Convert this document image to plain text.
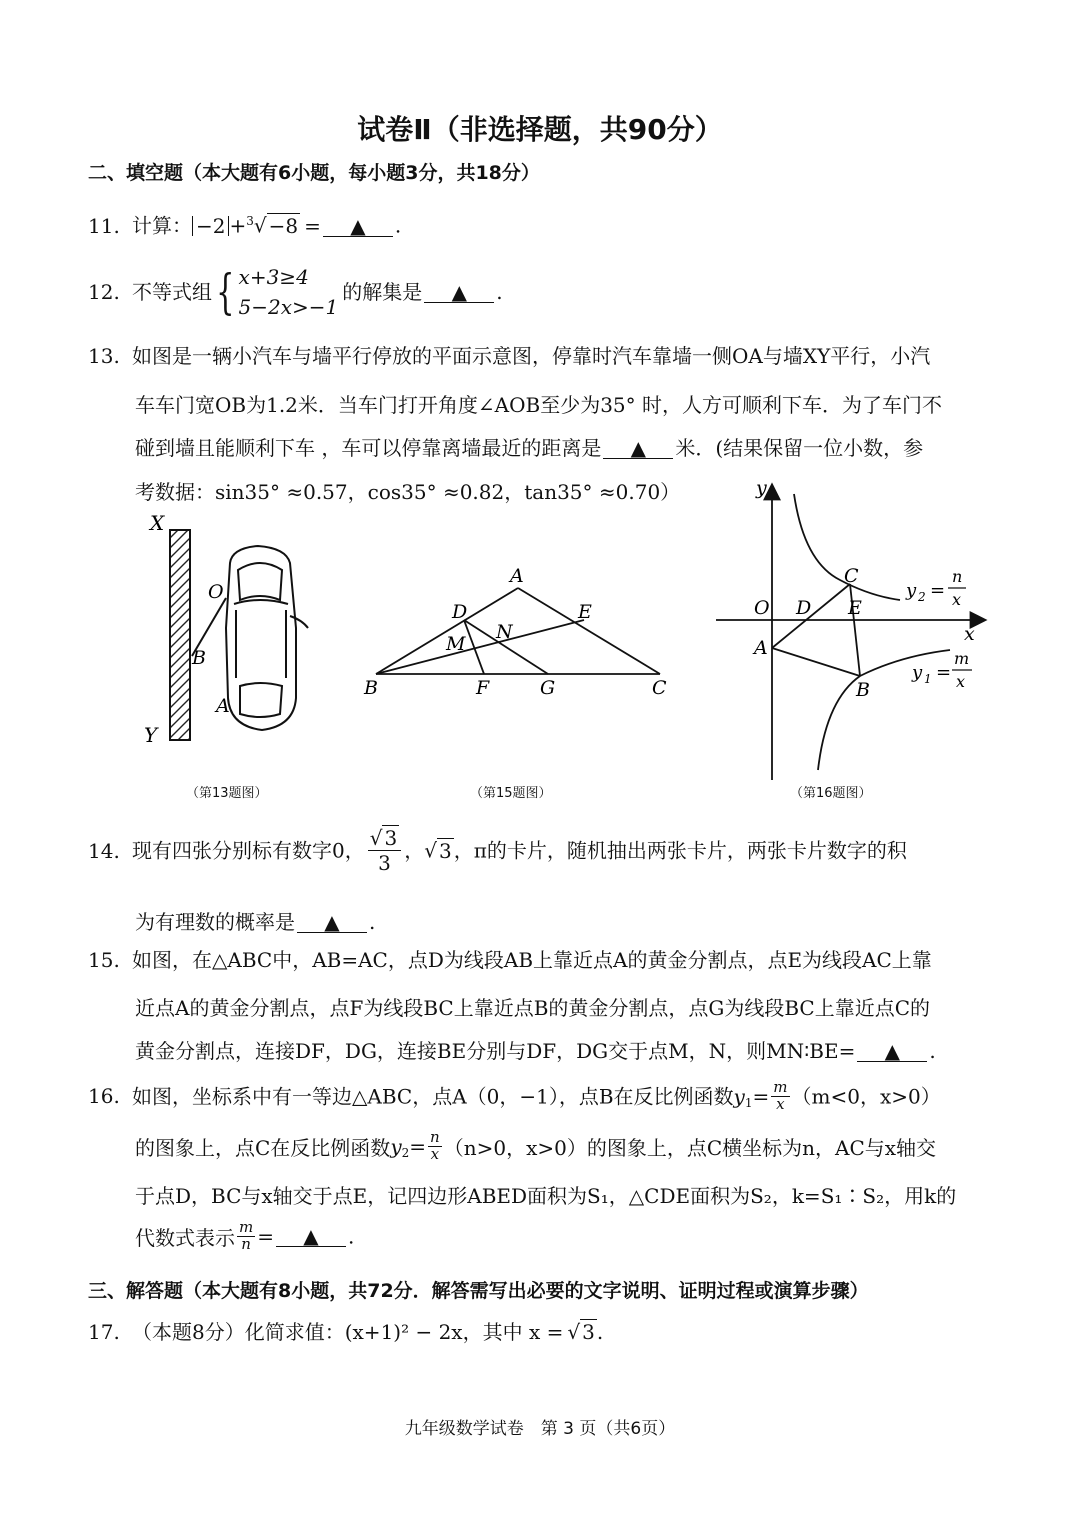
试卷Ⅱ（非选择题，共90分）
二、填空题（本大题有6小题，每小题3分，共18分）
11. 计算： −2 +$^3$√ −8 = ▲ .
12. 不等式组 { x+3≥4
5−2x>−1
的解集是 ▲ .
13. 如图是一辆小汽车与墙平行停放的平面示意图，停靠时汽车靠墙一侧OA与墙XY平行，小汽
车车门宽OB为1.2米．当车门打开角度∠AOB至少为35° 时，人方可顺利下车．为了车门不
碰到墙且能顺利下车 ，车可以停靠离墙最近的距离是 ▲ 米．(结果保留一位小数，参
考数据：sin35° ≈0.57，cos35° ≈0.82，tan35° ≈0.70）
X
Y
O
B
A
（第13题图）
A
B	C
D	E
F	G
M
N
（第15题图）
y
x
O D E
C
A
B
y 2 =
n
x
y 1 =
m
x
（第16题图）
14. 现有四张分别标有数字0， $\frac{√ 3}{3}$ ，√ 3 ，π的卡片，随机抽出两张卡片，两张卡片数字的积
为有理数的概率是 ▲ .
15. 如图，在△ABC中，AB=AC，点D为线段AB上靠近点A的黄金分割点，点E为线段AC上靠
近点A的黄金分割点，点F为线段BC上靠近点B的黄金分割点，点G为线段BC上靠近点C的
黄金分割点，连接DF，DG，连接BE分别与DF，DG交于点M，N，则MN∶BE= ▲ .
16. 如图，坐标系中有一等边△ABC，点A（0，−1），点B在反比例函数$y_1= \frac{m}{x} (m<0$，x>0）
的图象上，点C在反比例函数$y_2= \frac{n}{x} (n>0$，x>0）的图象上，点C横坐标为n，AC与x轴交
于点D，BC与x轴交于点E，记四边形ABED面积为S₁，△CDE面积为S₂，k=S₁∶S₂，用k的
代数式表示 $\frac{m}{n}$ = ▲ .
三、解答题（本大题有8小题，共72分．解答需写出必要的文字说明、证明过程或演算步骤）
17. （本题8分）化简求值：(x+1)² − 2x，其中 x = √ 3 .
九年级数学试卷　第 3 页（共6页）
